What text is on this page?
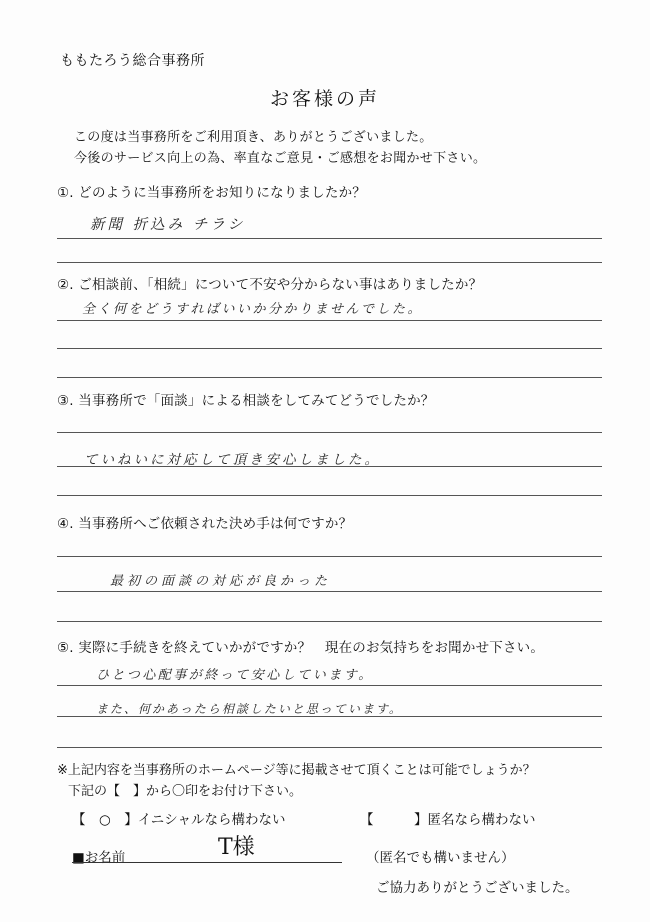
ももたろう総合事務所
お客様の声
この度は当事務所をご利用頂き、ありがとうございました。
今後のサービス向上の為、率直なご意見・ご感想をお聞かせ下さい。
①. どのように当事務所をお知りになりましたか？
新聞 折込み チラシ
②. ご相談前、「相続」について不安や分からない事はありましたか？
全く何をどうすればいいか分かりませんでした。
③. 当事務所で「面談」による相談をしてみてどうでしたか？
ていねいに対応して頂き安心しました。
④. 当事務所へご依頼された決め手は何ですか？
最初の面談の対応が良かった
⑤. 実際に手続きを終えていかがですか？　現在のお気持ちをお聞かせ下さい。
ひとつ心配事が終って安心しています。
また、何かあったら相談したいと思っています。
※上記内容を当事務所のホームページ等に掲載させて頂くことは可能でしょうか？
下記の【　】から〇印をお付け下さい。
【　○　】イニシャルなら構わない	【　　　】匿名なら構わない
■お名前	T様	（匿名でも構いません）
ご協力ありがとうございました。
